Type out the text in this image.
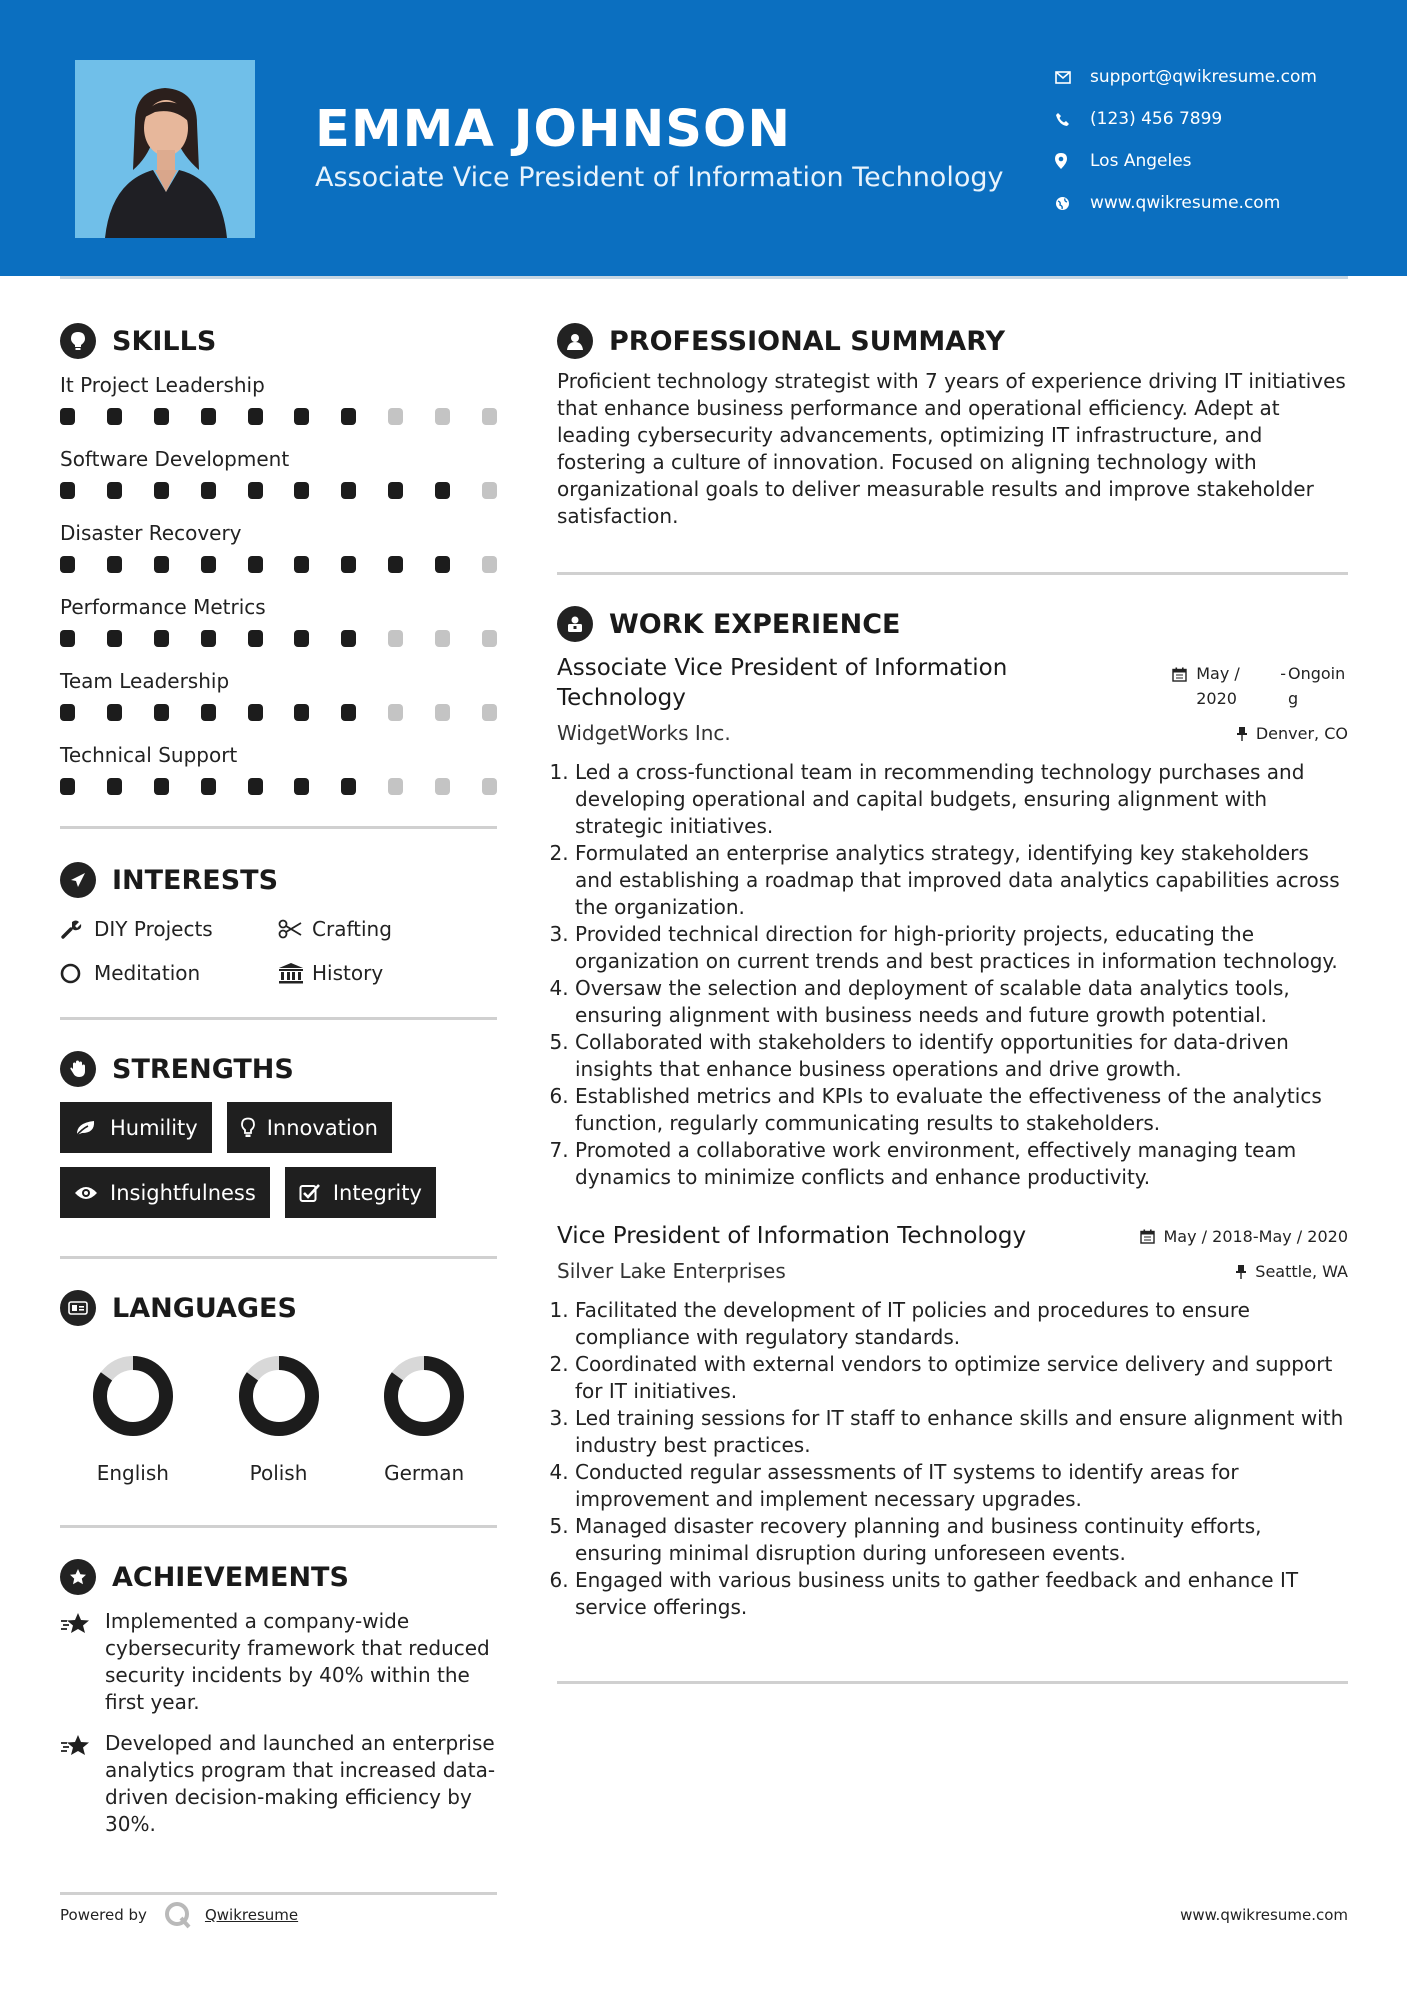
EMMA JOHNSON
Associate Vice President of Information Technology
support@qwikresume.com
(123) 456 7899
Los Angeles
www.qwikresume.com
SKILLS
It Project Leadership
Software Development
Disaster Recovery
Performance Metrics
Team Leadership
Technical Support
INTERESTS
DIY Projects	Crafting
Meditation	History
STRENGTHS
Humility	Innovation
Insightfulness	Integrity
LANGUAGES
English	Polish	German
ACHIEVEMENTS
Implemented a company-wide cybersecurity framework that reduced security incidents by 40% within the first year.
Developed and launched an enterprise analytics program that increased data-driven decision-making efficiency by 30%.
Powered by	Qwikresume	www.qwikresume.com
PROFESSIONAL SUMMARY

Proficient technology strategist with 7 years of experience driving IT initiatives that enhance business performance and operational efficiency. Adept at leading cybersecurity advancements, optimizing IT infrastructure, and fostering a culture of innovation. Focused on aligning technology with organizational goals to deliver measurable results and improve stakeholder satisfaction.

WORK EXPERIENCE
Associate Vice President of Information Technology
May / 2020
- Ongoing
WidgetWorks Inc.	Denver, CO
1. Led a cross-functional team in recommending technology purchases and developing operational and capital budgets, ensuring alignment with strategic initiatives.
2. Formulated an enterprise analytics strategy, identifying key stakeholders and establishing a roadmap that improved data analytics capabilities across the organization.
3. Provided technical direction for high-priority projects, educating the organization on current trends and best practices in information technology.
4. Oversaw the selection and deployment of scalable data analytics tools, ensuring alignment with business needs and future growth potential.
5. Collaborated with stakeholders to identify opportunities for data-driven insights that enhance business operations and drive growth.
6. Established metrics and KPIs to evaluate the effectiveness of the analytics function, regularly communicating results to stakeholders.
7. Promoted a collaborative work environment, effectively managing team dynamics to minimize conflicts and enhance productivity.
Vice President of Information Technology	May / 2018-May / 2020
Silver Lake Enterprises	Seattle, WA
1. Facilitated the development of IT policies and procedures to ensure compliance with regulatory standards.
2. Coordinated with external vendors to optimize service delivery and support for IT initiatives.
3. Led training sessions for IT staff to enhance skills and ensure alignment with industry best practices.
4. Conducted regular assessments of IT systems to identify areas for improvement and implement necessary upgrades.
5. Managed disaster recovery planning and business continuity efforts, ensuring minimal disruption during unforeseen events.
6. Engaged with various business units to gather feedback and enhance IT service offerings.
